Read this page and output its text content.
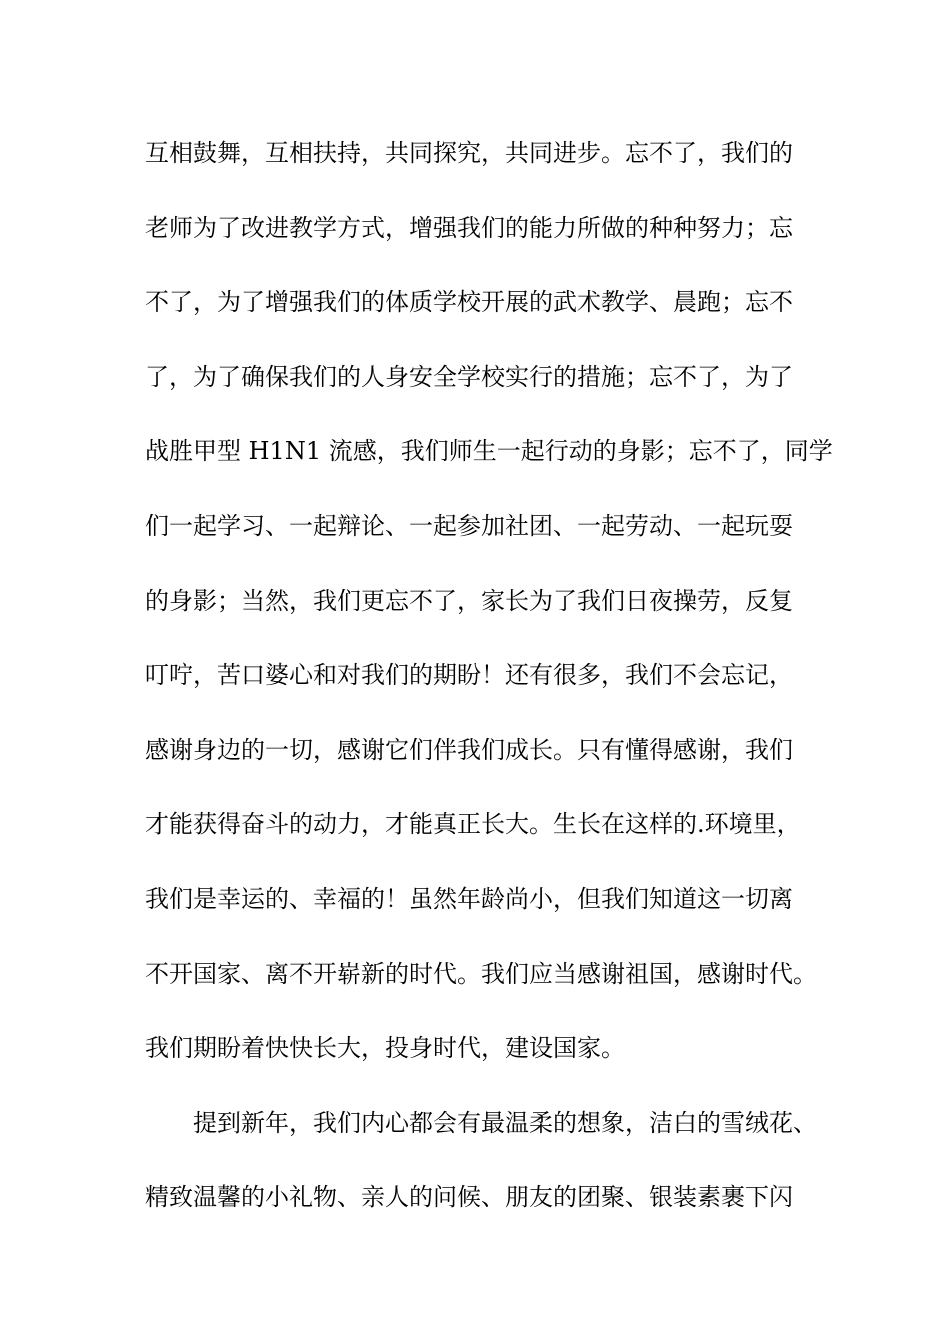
互相鼓舞，互相扶持，共同探究，共同进步。忘不了，我们的
老师为了改进教学方式，增强我们的能力所做的种种努力；忘
不了，为了增强我们的体质学校开展的武术教学、晨跑；忘不
了，为了确保我们的人身安全学校实行的措施；忘不了，为了
战胜甲型 H1N1 流感，我们师生一起行动的身影；忘不了，同学
们一起学习、一起辩论、一起参加社团、一起劳动、一起玩耍
的身影；当然，我们更忘不了，家长为了我们日夜操劳，反复
叮咛，苦口婆心和对我们的期盼！还有很多，我们不会忘记，
感谢身边的一切，感谢它们伴我们成长。只有懂得感谢，我们
才能获得奋斗的动力，才能真正长大。生长在这样的.环境里，
我们是幸运的、幸福的！虽然年龄尚小，但我们知道这一切离
不开国家、离不开崭新的时代。我们应当感谢祖国，感谢时代。
我们期盼着快快长大，投身时代，建设国家。
提到新年，我们内心都会有最温柔的想象，洁白的雪绒花、
精致温馨的小礼物、亲人的问候、朋友的团聚、银装素裹下闪
